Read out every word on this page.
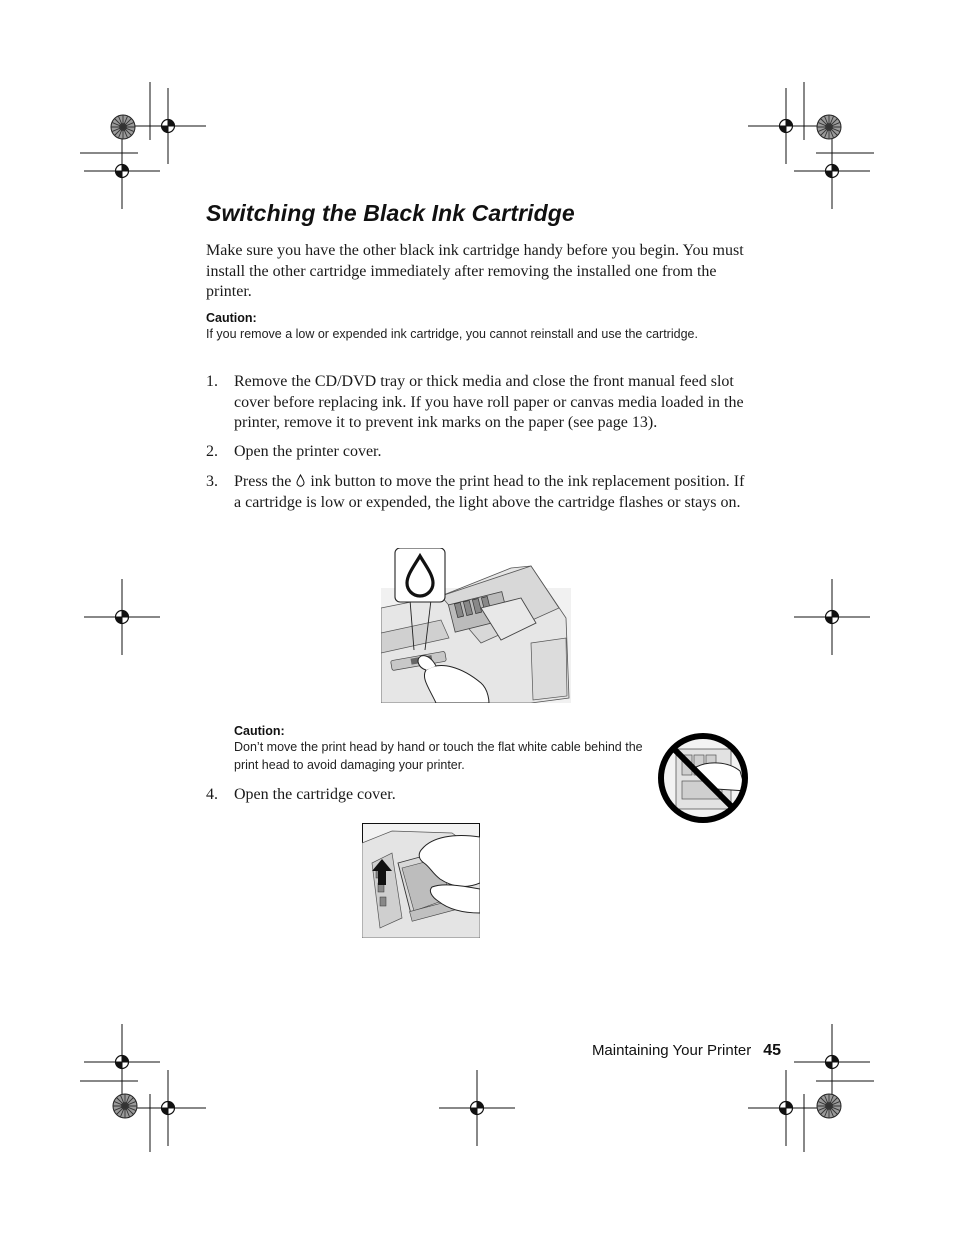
Switching the Black Ink Cartridge

Make sure you have the other black ink cartridge handy before you begin. You must install the other cartridge immediately after removing the installed one from the printer.

Caution:

If you remove a low or expended ink cartridge, you cannot reinstall and use the cartridge.

1. Remove the CD/DVD tray or thick media and close the front manual feed slot cover before replacing ink. If you have roll paper or canvas media loaded in the printer, remove it to prevent ink marks on the paper (see page 13).
2. Open the printer cover.
3. Press the ink button to move the print head to the ink replacement position. If a cartridge is low or expended, the light above the cartridge flashes or stays on.

Caution:

Don’t move the print head by hand or touch the flat white cable behind the print head to avoid damaging your printer.

4. Open the cartridge cover.
Maintaining Your Printer 45
